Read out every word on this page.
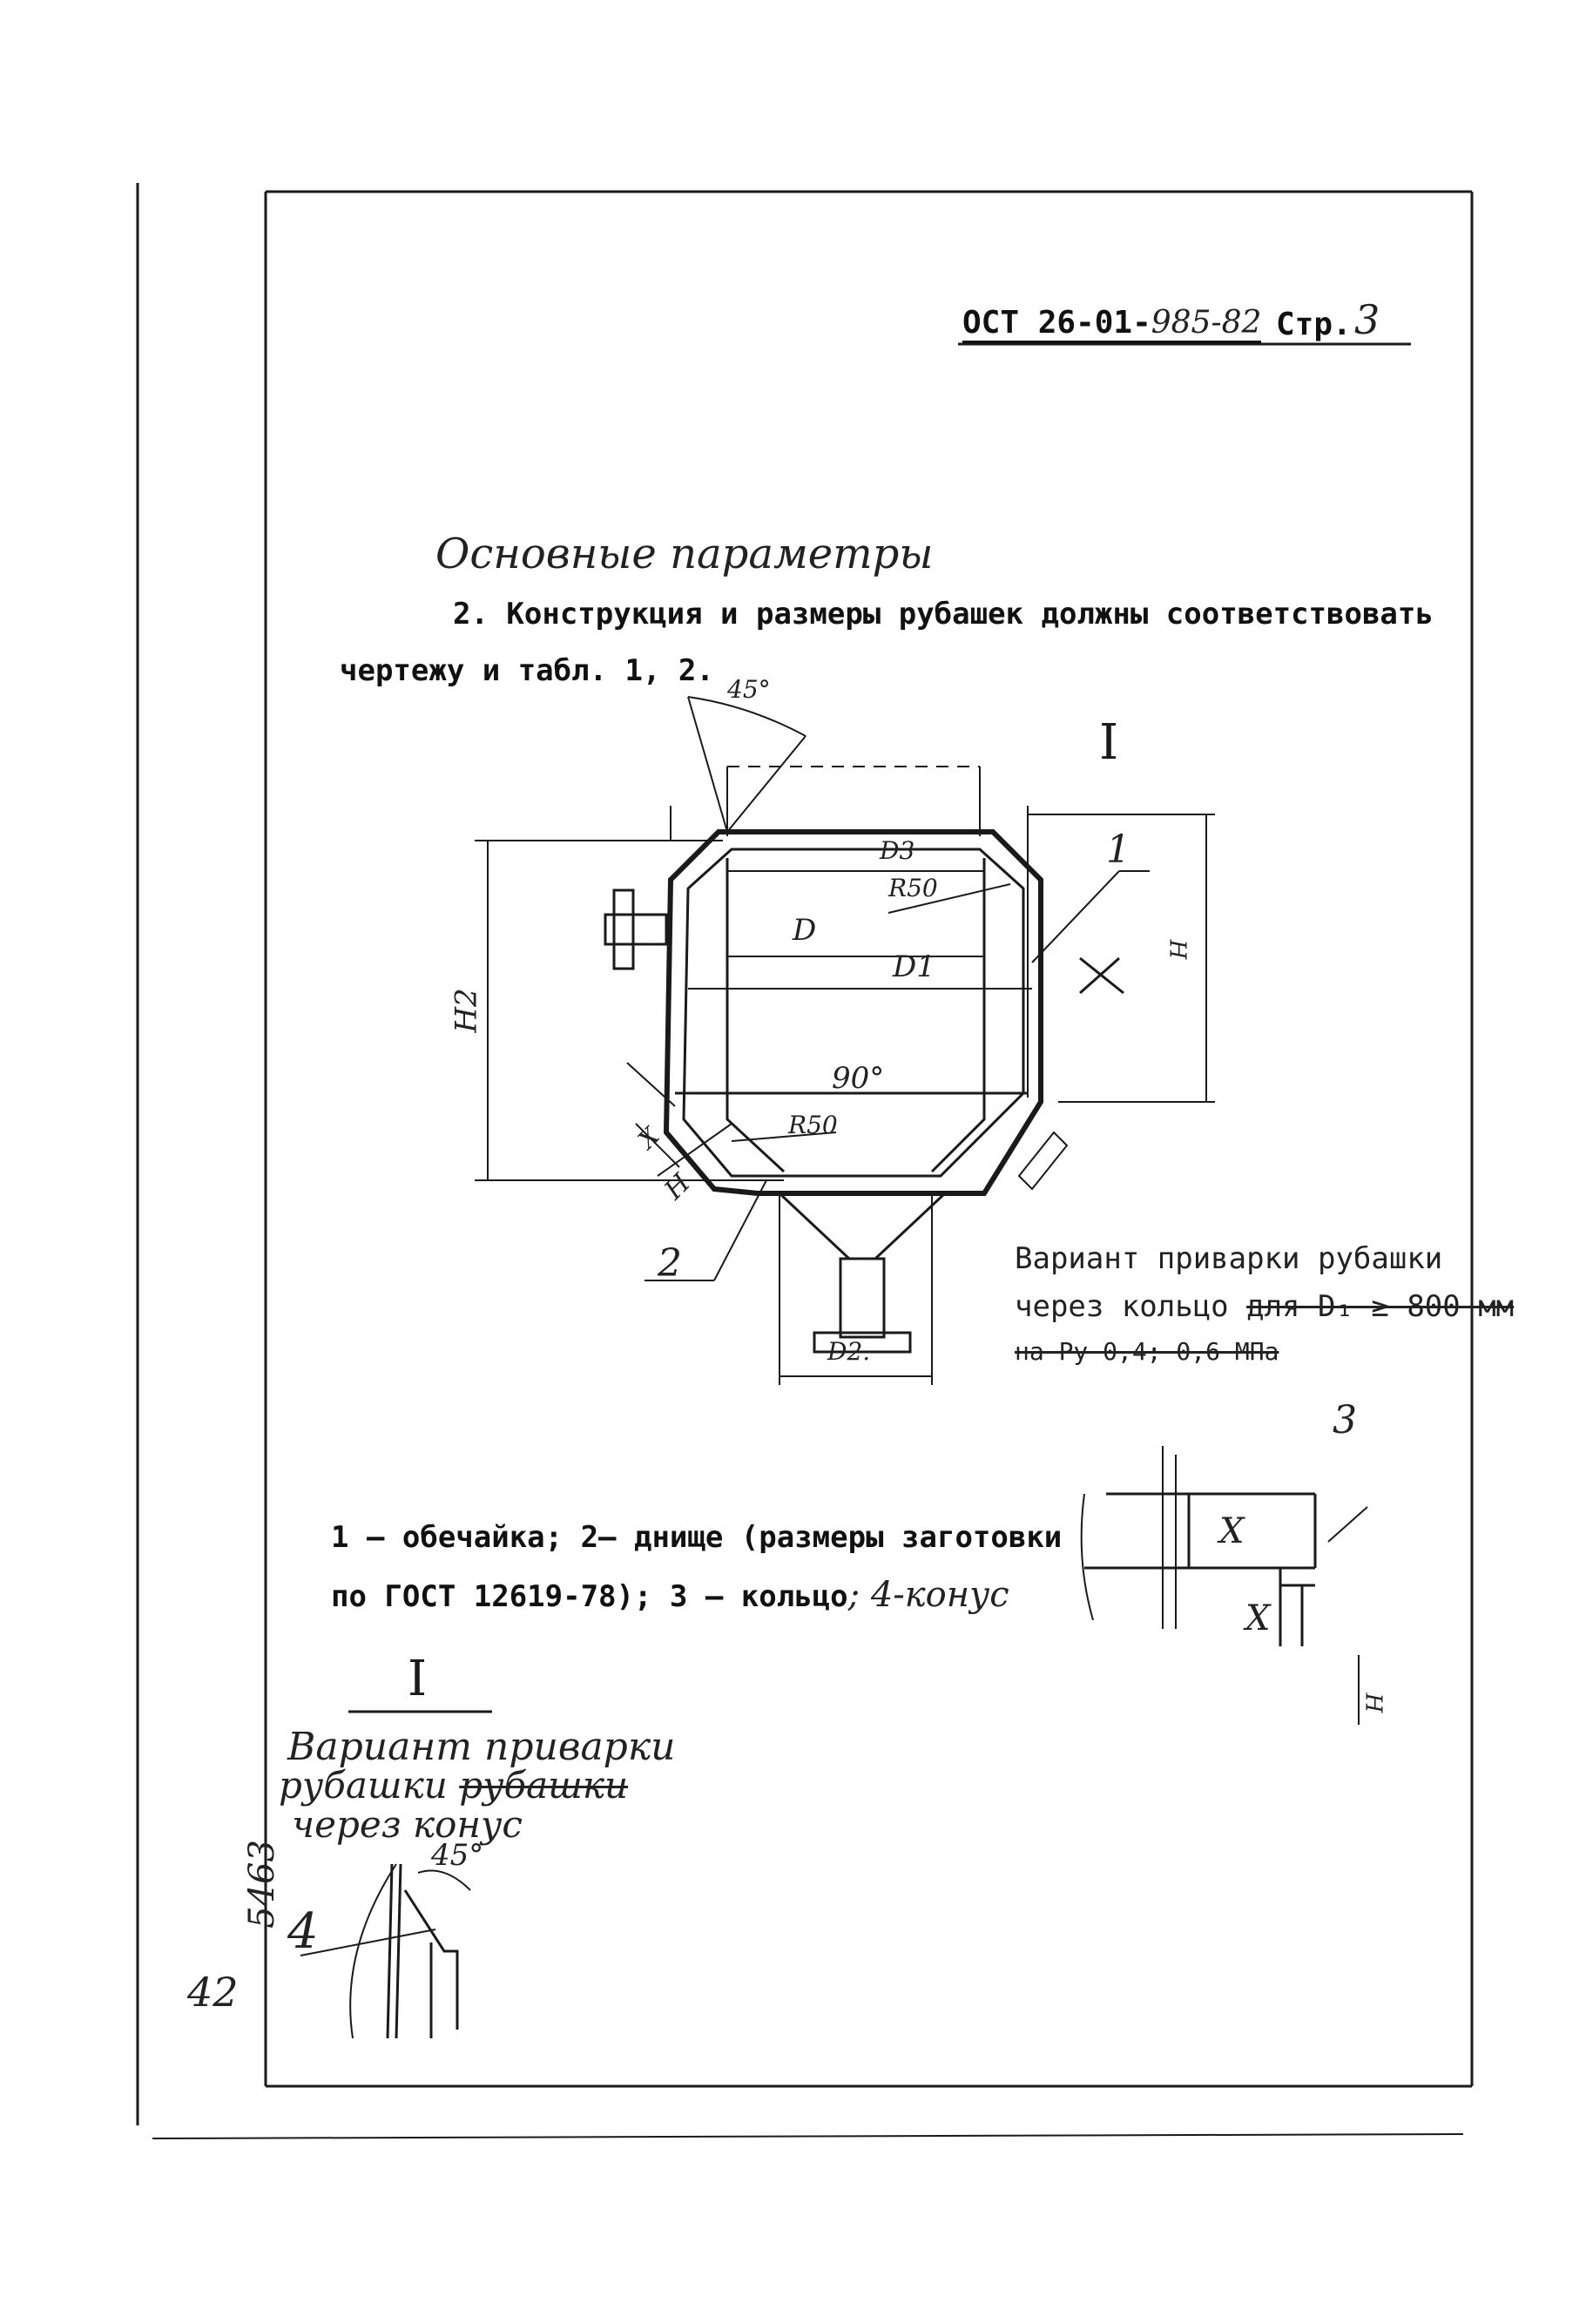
ОСТ 26-01-985-82 Стр. 3
Основные параметры
2. Конструкция и размеры рубашек должны соответствовать
чертежу и табл. 1, 2.
45°
I
D3
R50
1
D
D1	H
H2
90°
R50
H
X
2
D2.
Вариант приварки рубашки
через кольцо для D₁ ≥ 800 мм
на Ру 0,4; 0,6 МПа
3
X
X
H
1 – обечайка; 2– днище (размеры заготовки
по ГОСТ 12619-78); 3 – кольцо; 4-конус
I
Вариант приварки
рубашки рубашки
через конус
45°
4
5463
42
